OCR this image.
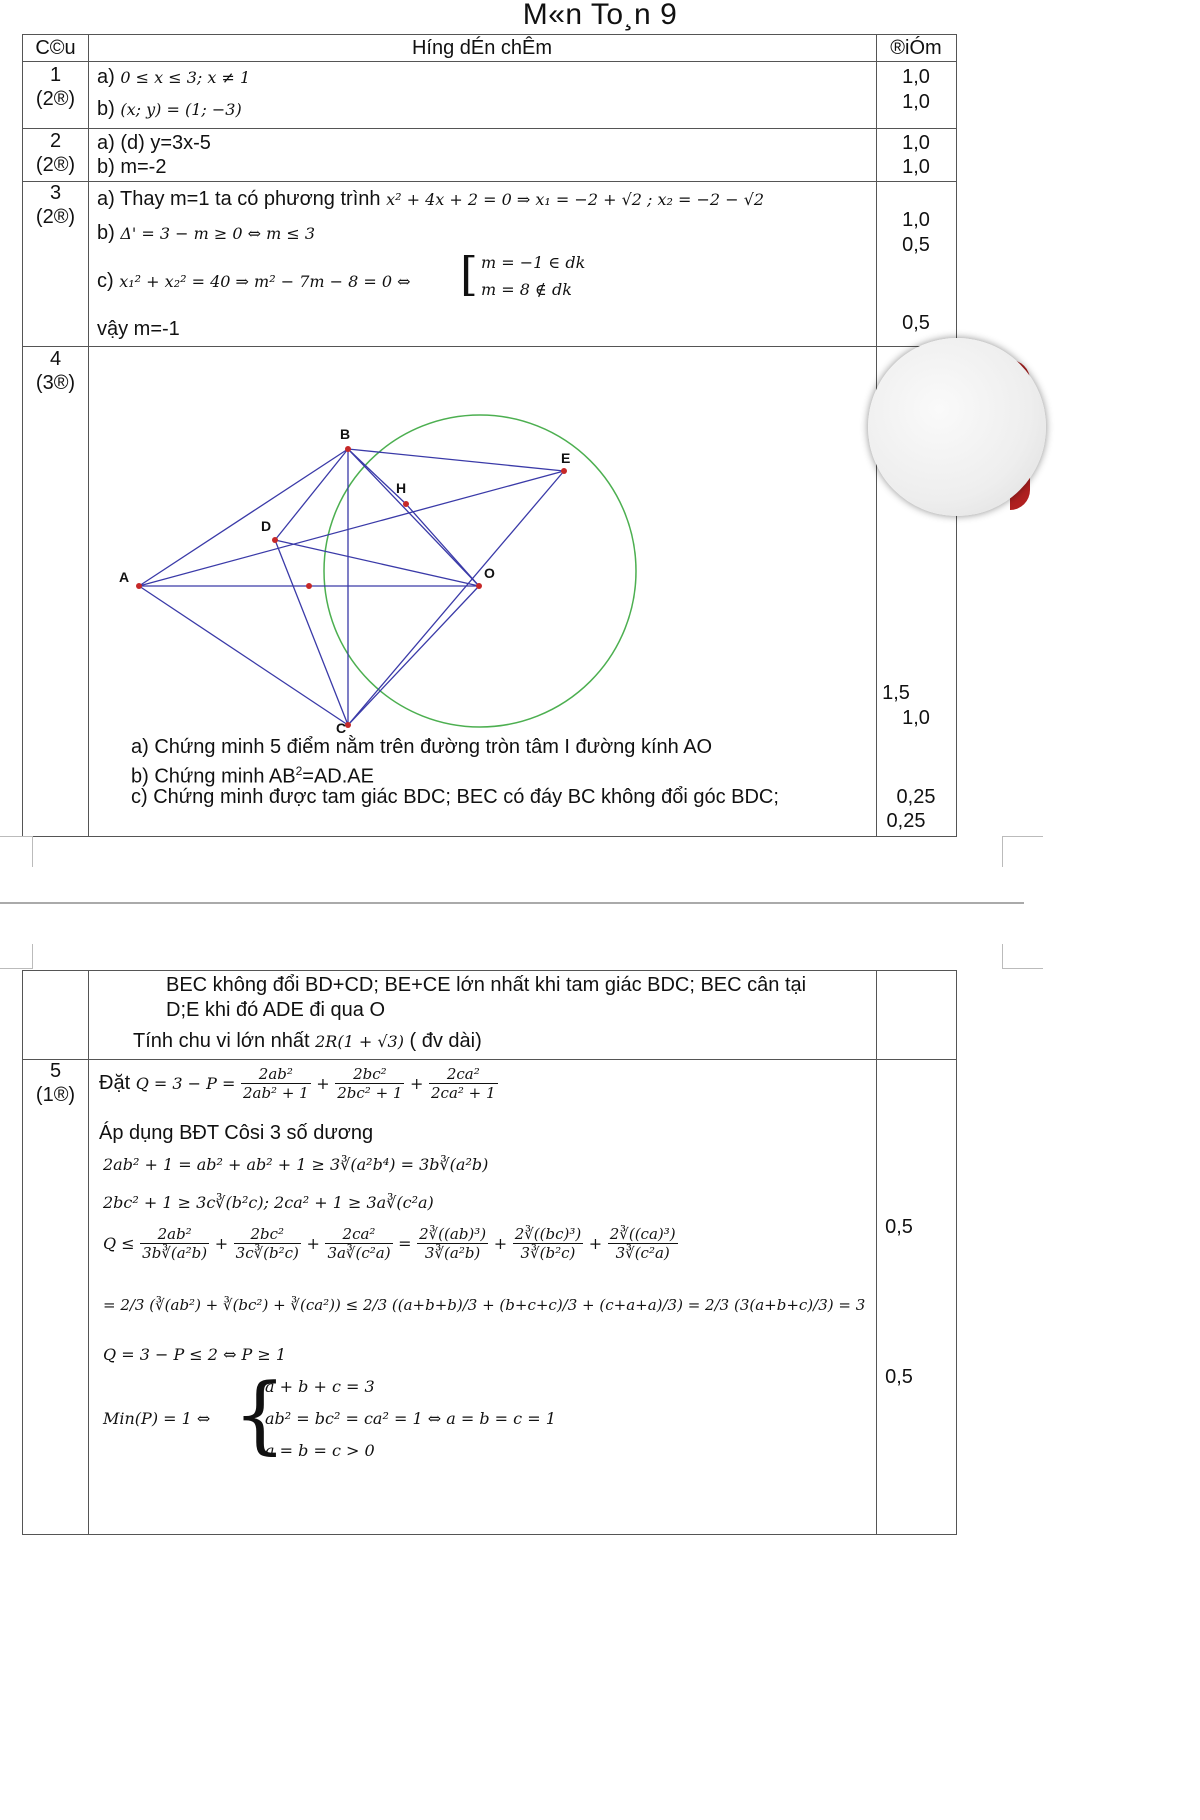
M«n To¸n 9
C©u	Híng dÉn chÊm	®iÓm
1
(2®)
a) 0 ≤ x ≤ 3; x ≠ 1
b) (x; y) = (1; −3)
1,0
1,0
2
(2®)
a) (d) y=3x-5
b) m=-2
1,0
1,0
3
(2®)
a) Thay m=1 ta có phương trình x² + 4x + 2 = 0 ⇒ x₁ = −2 + √2 ; x₂ = −2 − √2
b) Δ' = 3 − m ≥ 0 ⇔ m ≤ 3
c) x₁² + x₂² = 40 ⇒ m² − 7m − 8 = 0 ⇔ [ m = −1 ∈ dk
m = 8 ∉ dk
vậy m=-1
1,0
0,5
0,5
4
(3®)
A
B
C
D
E
H
O
a) Chứng minh 5 điểm nằm trên đường tròn tâm I đường kính AO
b) Chứng minh $AB^2=AD.AE$
c) Chứng minh được tam giác BDC; BEC có đáy BC không đổi góc BDC;
1,5
1,0
0,25
0,25
BEC không đổi BD+CD; BE+CE lớn nhất khi tam giác BDC; BEC cân tại
D;E khi đó ADE đi qua O
Tính chu vi lớn nhất 2R(1 + √3) ( đv dài)
5
(1®)
Đặt $Q = 3 - P = \frac{\text{2ab²}}{\text{2ab² + 1}} + \frac{\text{2bc²}}{\text{2bc² + 1}} + \frac{\text{2ca²}}{\text{2ca² + 1}}$
Áp dụng BĐT Côsi 3 số dương
2ab² + 1 = ab² + ab² + 1 ≥ 3∛(a²b⁴) = 3b∛(a²b)
2bc² + 1 ≥ 3c∛(b²c); 2ca² + 1 ≥ 3a∛(c²a)
$Q \le \frac{\text{2ab²}}{\text{3b∛(a²b)}} + \frac{\text{2bc²}}{\text{3c∛(b²c)}} + \frac{\text{2ca²}}{\text{3a∛(c²a)}} = \frac{\text{2∛((ab)³)}}{\text{3∛(a²b)}} + \frac{\text{2∛((bc)³)}}{\text{3∛(b²c)}} + \frac{\text{2∛((ca)³)}}{\text{3∛(c²a)}}$
= 2/3 (∛(ab²) + ∛(bc²) + ∛(ca²)) ≤ 2/3 ((a+b+b)/3 + (b+c+c)/3 + (c+a+a)/3) = 2/3 (3(a+b+c)/3) = 3
Q = 3 − P ≤ 2 ⇔ P ≥ 1
Min(P) = 1 ⇔ {
a + b + c = 3
ab² = bc² = ca² = 1 ⇔ a = b = c = 1
a = b = c > 0
0,5
0,5
